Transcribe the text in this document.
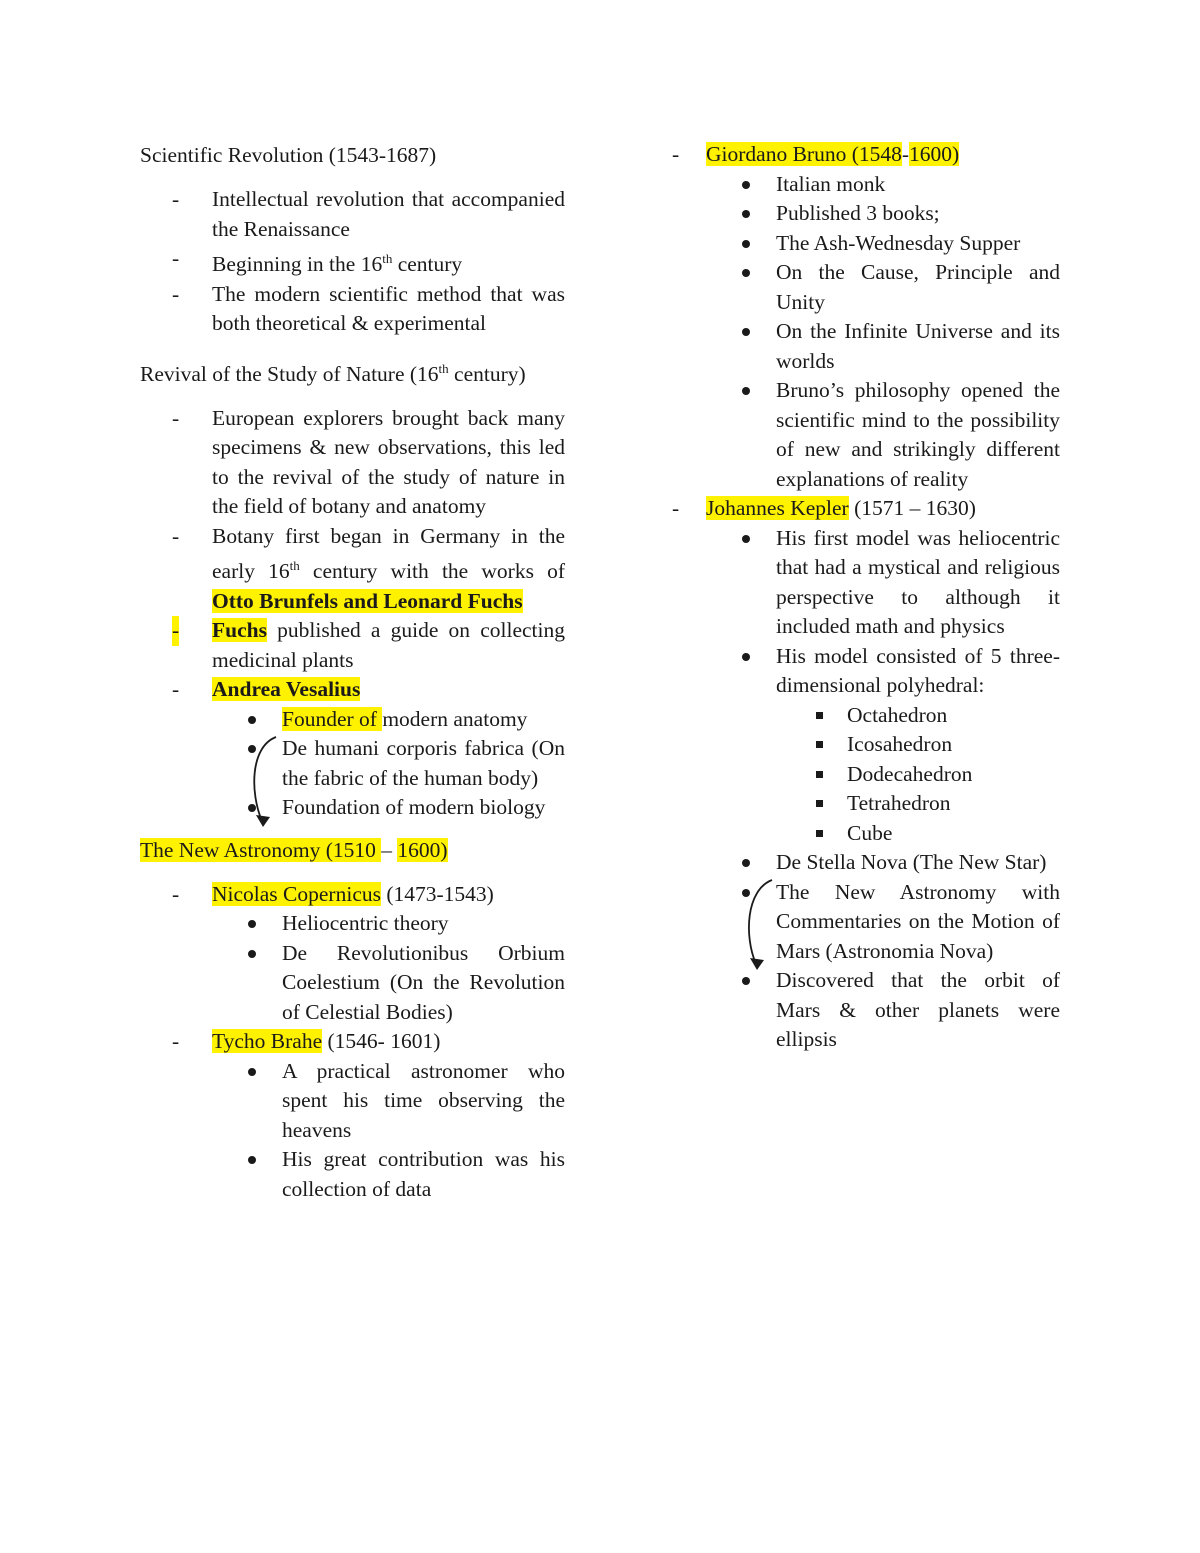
Scientific Revolution (1543-1687)

- Intellectual revolution that accompanied the Renaissance
- Beginning in the 16th century
- The modern scientific method that was both theoretical & experimental

Revival of the Study of Nature (16th century)

- European explorers brought back many specimens & new observations, this led to the revival of the study of nature in the field of botany and anatomy
- Botany first began in Germany in the early 16th century with the works of Otto Brunfels and Leonard Fuchs
- Fuchs published a guide on collecting medicinal plants
- Andrea Vesalius
Founder of modern anatomy
De humani corporis fabrica (On the fabric of the human body)
Foundation of modern biology

The New Astronomy (1510 – 1600)

- Nicolas Copernicus (1473-1543)
Heliocentric theory
De Revolutionibus Orbium Coelestium (On the Revolution of Celestial Bodies)
- Tycho Brahe (1546- 1601)
A practical astronomer who spent his time observing the heavens
His great contribution was his collection of data
- Giordano Bruno (1548-1600)
Italian monk
Published 3 books;
The Ash-Wednesday Supper
On the Cause, Principle and Unity
On the Infinite Universe and its worlds
Bruno’s philosophy opened the scientific mind to the possibility of new and strikingly different explanations of reality
- Johannes Kepler (1571 – 1630)
His first model was heliocentric that had a mystical and religious perspective to although it included math and physics
His model consisted of 5 three-dimensional polyhedral:
Octahedron
Icosahedron
Dodecahedron
Tetrahedron
Cube
De Stella Nova (The New Star)
The New Astronomy with Commentaries on the Motion of Mars (Astronomia Nova)
Discovered that the orbit of Mars & other planets were ellipsis
